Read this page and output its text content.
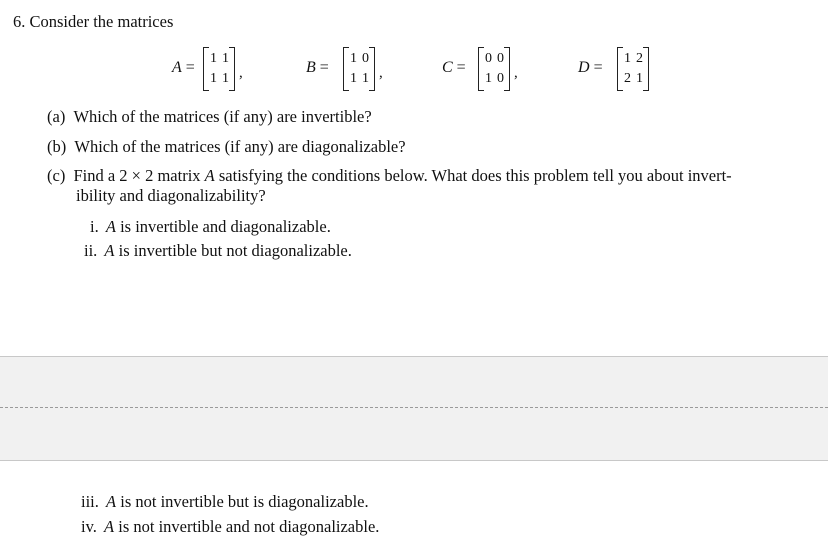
6. Consider the matrices
A =
1 1
1 1 ,	B =
1 0
1 1 ,	C =
0 0
1 0 ,	D =
1 2
2 1
(a) Which of the matrices (if any) are invertible?
(b) Which of the matrices (if any) are diagonalizable?
(c) Find a 2 × 2 matrix A satisfying the conditions below. What does this problem tell you about invert-
ibility and diagonalizability?
i. A is invertible and diagonalizable.
ii. A is invertible but not diagonalizable.
iii. A is not invertible but is diagonalizable.
iv. A is not invertible and not diagonalizable.
